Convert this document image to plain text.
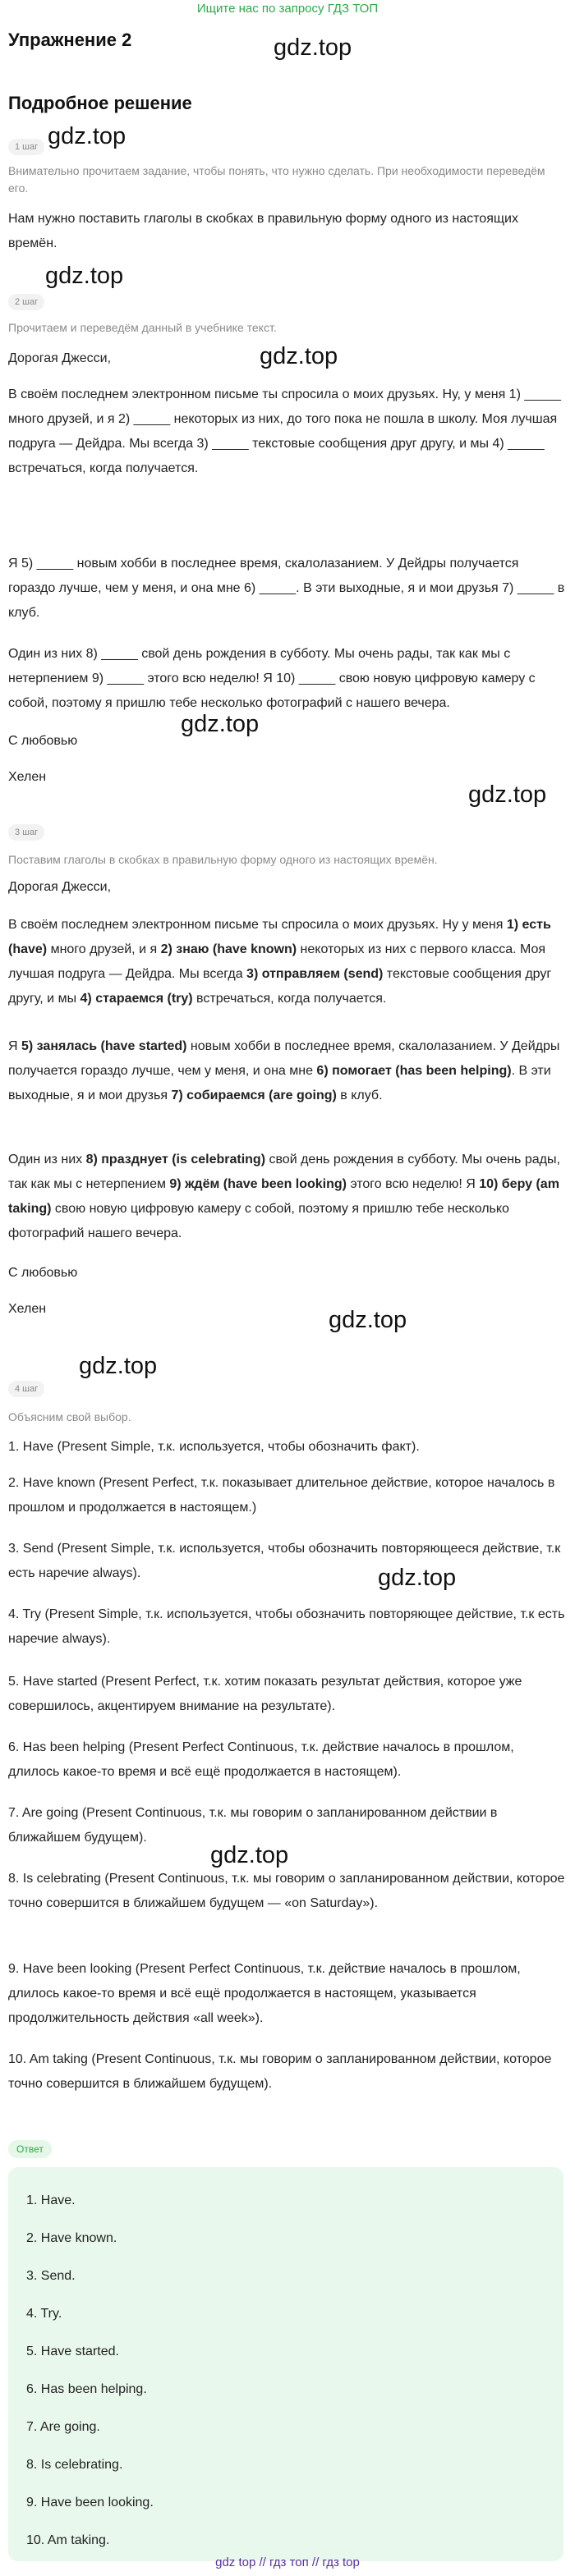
Ищите нас по запросу ГДЗ ТОП
Упражнение 2
Подробное решение
gdz.top
gdz.top
gdz.top
gdz.top
gdz.top
gdz.top
gdz.top
gdz.top
gdz.top
gdz.top
1 шаг
Внимательно прочитаем задание, чтобы понять, что нужно сделать. При необходимости переведём его.
Нам нужно поставить глаголы в скобках в правильную форму одного из настоящих времён.
2 шаг
Прочитаем и переведём данный в учебнике текст.
Дорогая Джесси,
В своём последнем электронном письме ты спросила о моих друзьях. Ну, у меня 1) _____ много друзей, и я 2) _____ некоторых из них, до того пока не пошла в школу. Моя лучшая подруга — Дейдра. Мы всегда 3) _____ текстовые сообщения друг другу, и мы 4) _____ встречаться, когда получается.
Я 5) _____ новым хобби в последнее время, скалолазанием. У Дейдры получается гораздо лучше, чем у меня, и она мне 6) _____. В эти выходные, я и мои друзья 7) _____ в клуб.
Один из них 8) _____ свой день рождения в субботу. Мы очень рады, так как мы с нетерпением 9) _____ этого всю неделю! Я 10) _____ свою новую цифровую камеру с собой, поэтому я пришлю тебе несколько фотографий с нашего вечера.
С любовью
Хелен
3 шаг
Поставим глаголы в скобках в правильную форму одного из настоящих времён.
Дорогая Джесси,
В своём последнем электронном письме ты спросила о моих друзьях. Ну у меня 1) есть (have) много друзей, и я 2) знаю (have known) некоторых из них с первого класса. Моя лучшая подруга — Дейдра. Мы всегда 3) отправляем (send) текстовые сообщения друг другу, и мы 4) стараемся (try) встречаться, когда получается.
Я 5) занялась (have started) новым хобби в последнее время, скалолазанием. У Дейдры получается гораздо лучше, чем у меня, и она мне 6) помогает (has been helping). В эти выходные, я и мои друзья 7) собираемся (are going) в клуб.
Один из них 8) празднует (is celebrating) свой день рождения в субботу. Мы очень рады, так как мы с нетерпением 9) ждём (have been looking) этого всю неделю! Я 10) беру (am taking) свою новую цифровую камеру с собой, поэтому я пришлю тебе несколько фотографий нашего вечера.
С любовью
Хелен
4 шаг
Объясним свой выбор.
1. Have (Present Simple, т.к. используется, чтобы обозначить факт).
2. Have known (Present Perfect, т.к. показывает длительное действие, которое началось в прошлом и продолжается в настоящем.)
3. Send (Present Simple, т.к. используется, чтобы обозначить повторяющееся действие, т.к есть наречие always).
4. Try (Present Simple, т.к. используется, чтобы обозначить повторяющее действие, т.к есть наречие always).
5. Have started (Present Perfect, т.к. хотим показать результат действия, которое уже совершилось, акцентируем внимание на результате).
6. Has been helping (Present Perfect Continuous, т.к. действие началось в прошлом, длилось какое-то время и всё ещё продолжается в настоящем).
7. Are going (Present Continuous, т.к. мы говорим о запланированном действии в ближайшем будущем).
8. Is celebrating (Present Continuous, т.к. мы говорим о запланированном действии, которое точно совершится в ближайшем будущем — «on Saturday»).
9. Have been looking (Present Perfect Continuous, т.к. действие началось в прошлом, длилось какое-то время и всё ещё продолжается в настоящем, указывается продолжительность действия «all week»).
10. Am taking (Present Continuous, т.к. мы говорим о запланированном действии, которое точно совершится в ближайшем будущем).
Ответ
1. Have.
2. Have known.
3. Send.
4. Try.
5. Have started.
6. Has been helping.
7. Are going.
8. Is celebrating.
9. Have been looking.
10. Am taking.
gdz top // гдз топ // гдз top
